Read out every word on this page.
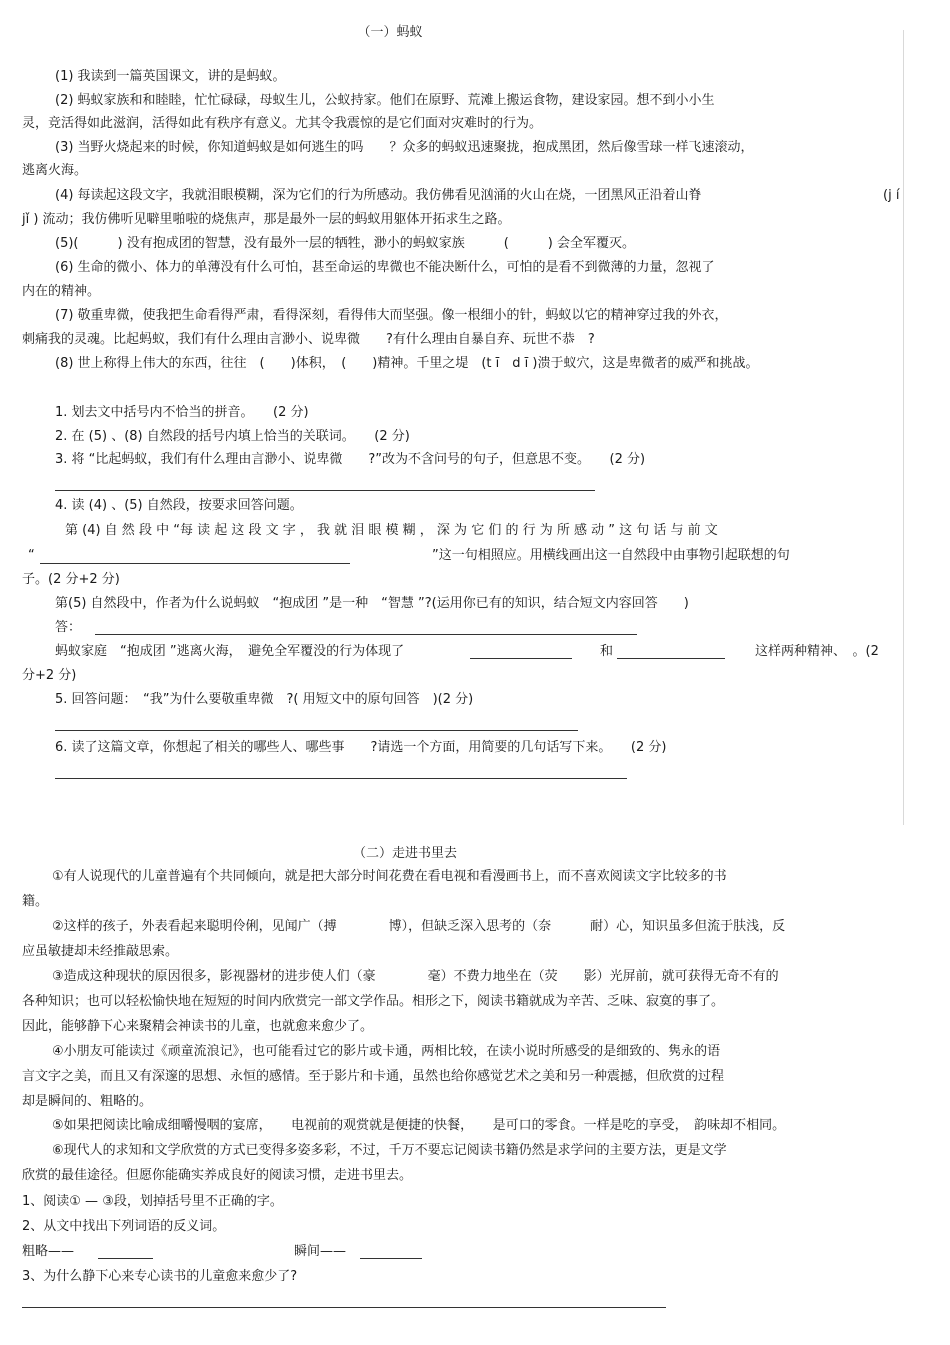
（一）蚂蚁
(1) 我读到一篇英国课文，讲的是蚂蚁。
(2) 蚂蚁家族和和睦睦，忙忙碌碌，母蚁生儿，公蚁持家。他们在原野、荒滩上搬运食物，建设家园。想不到小小生
灵，竞活得如此滋润，活得如此有秩序有意义。尤其令我震惊的是它们面对灾难时的行为。
(3) 当野火烧起来的时候，你知道蚂蚁是如何逃生的吗　　？众多的蚂蚁迅速聚拢，抱成黑团，然后像雪球一样飞速滚动，
逃离火海。
(4) 每读起这段文字，我就泪眼模糊，深为它们的行为所感动。我仿佛看见汹涌的火山在烧，一团黑风正沿着山脊	(j í
jǐ ) 流动；我仿佛听见噼里啪啦的烧焦声，那是最外一层的蚂蚁用躯体开拓求生之路。
(5)(　　　) 没有抱成团的智慧，没有最外一层的牺牲，渺小的蚂蚁家族　　　(　　　) 会全军覆灭。
(6) 生命的微小、体力的单薄没有什么可怕，甚至命运的卑微也不能决断什么，可怕的是看不到微薄的力量，忽视了
内在的精神。
(7) 敬重卑微，使我把生命看得严肃，看得深刻，看得伟大而坚强。像一根细小的针，蚂蚁以它的精神穿过我的外衣，
刺痛我的灵魂。比起蚂蚁，我们有什么理由言渺小、说卑微　　?有什么理由自暴自弃、玩世不恭　?
(8) 世上称得上伟大的东西，往往　(　　)体积，　(　　)精神。千里之堤　(t ī　d ī )溃于蚁穴，这是卑微者的威严和挑战。
1. 划去文中括号内不恰当的拼音。　　(2 分)
2. 在 (5) 、(8) 自然段的括号内填上恰当的关联词。　　(2 分)
3. 将 “比起蚂蚁，我们有什么理由言渺小、说卑微　　?”改为不含问号的句子，但意思不变。　　(2 分)
4. 读 (4) 、(5) 自然段，按要求回答问题。
第 (4) 自 然 段 中 “每 读 起 这 段 文 字 ， 我 就 泪 眼 模 糊 ， 深 为 它 们 的 行 为 所 感 动 ” 这 句 话 与 前 文
“	”这一句相照应。用横线画出这一自然段中由事物引起联想的句
子。(2 分+2 分)
第(5) 自然段中，作者为什么说蚂蚁　“抱成团 ”是一种　“智慧 ”?(运用你已有的知识，结合短文内容回答　　)
答：
蚂蚁家庭　“抱成团 ”逃离火海，　避免全军覆没的行为体现了	和	这样两种精神、　。(2
分+2 分)
5. 回答问题：　“我”为什么要敬重卑微　?( 用短文中的原句回答　)(2 分)
6. 读了这篇文章，你想起了相关的哪些人、哪些事　　?请选一个方面，用简要的几句话写下来。　　(2 分)
（二）走进书里去
①有人说现代的儿童普遍有个共同倾向，就是把大部分时间花费在看电视和看漫画书上，而不喜欢阅读文字比较多的书
籍。
②这样的孩子，外表看起来聪明伶俐，见闻广（搏　　　　博），但缺乏深入思考的（奈　　　耐）心，知识虽多但流于肤浅，反
应虽敏捷却未经推敲思索。
③造成这种现状的原因很多，影视器材的进步使人们（豪　　　　毫）不费力地坐在（荧　　影）光屏前，就可获得无奇不有的
各种知识；也可以轻松愉快地在短短的时间内欣赏完一部文学作品。相形之下，阅读书籍就成为辛苦、乏味、寂寞的事了。
因此，能够静下心来聚精会神读书的儿童，也就愈来愈少了。
④小朋友可能读过《顽童流浪记》，也可能看过它的影片或卡通，两相比较，在读小说时所感受的是细致的、隽永的语
言文字之美，而且又有深邃的思想、永恒的感情。至于影片和卡通，虽然也给你感觉艺术之美和另一种震撼，但欣赏的过程
却是瞬间的、粗略的。
⑤如果把阅读比喻成细嚼慢咽的宴席，　　电视前的观赏就是便捷的快餐，　　是可口的零食。一样是吃的享受，　韵味却不相同。
⑥现代人的求知和文学欣赏的方式已变得多姿多彩，不过，千万不要忘记阅读书籍仍然是求学问的主要方法，更是文学
欣赏的最佳途径。但愿你能确实养成良好的阅读习惯，走进书里去。
1、阅读① — ③段，划掉括号里不正确的字。
2、从文中找出下列词语的反义词。
粗略——	瞬间——
3、为什么静下心来专心读书的儿童愈来愈少了?
